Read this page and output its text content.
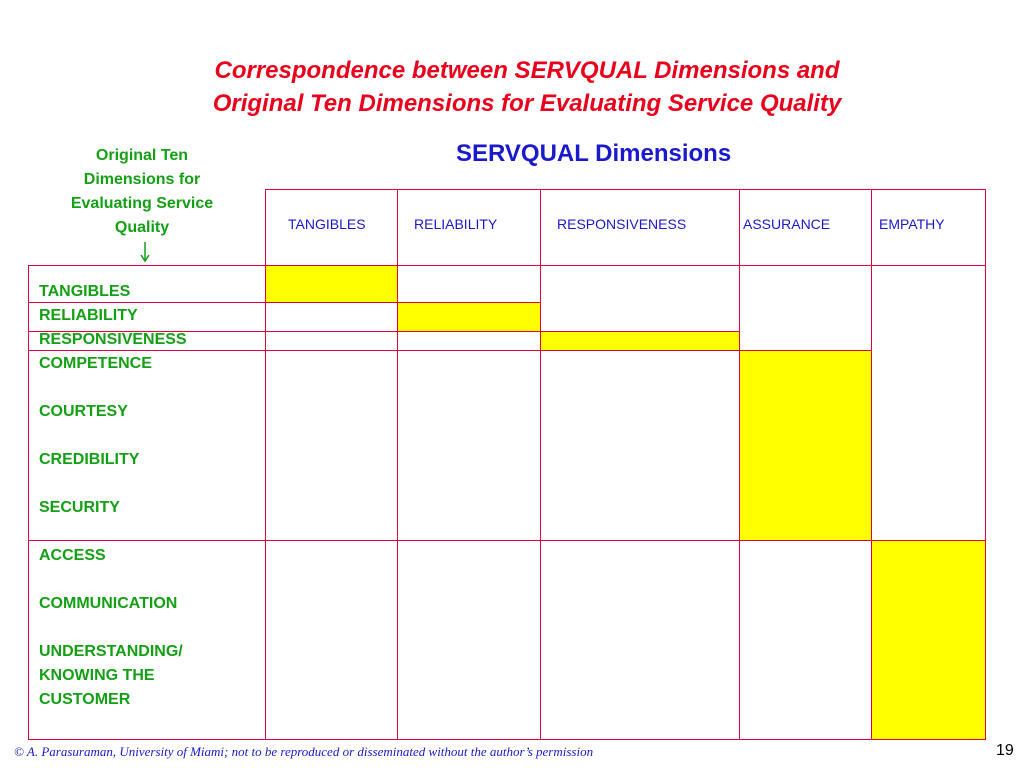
Correspondence between SERVQUAL Dimensions and
Original Ten Dimensions for Evaluating Service Quality
SERVQUAL Dimensions
Original Ten
Dimensions for
Evaluating Service
Quality	TANGIBLES	RELIABILITY	RESPONSIVENESS	ASSURANCE	EMPATHY
TANGIBLES
RELIABILITY
RESPONSIVENESS
COMPETENCE
COURTESY
CREDIBILITY
SECURITY
ACCESS
COMMUNICATION
UNDERSTANDING/
KNOWING THE
CUSTOMER
© A. Parasuraman, University of Miami; not to be reproduced or disseminated without the author’s permission	19
